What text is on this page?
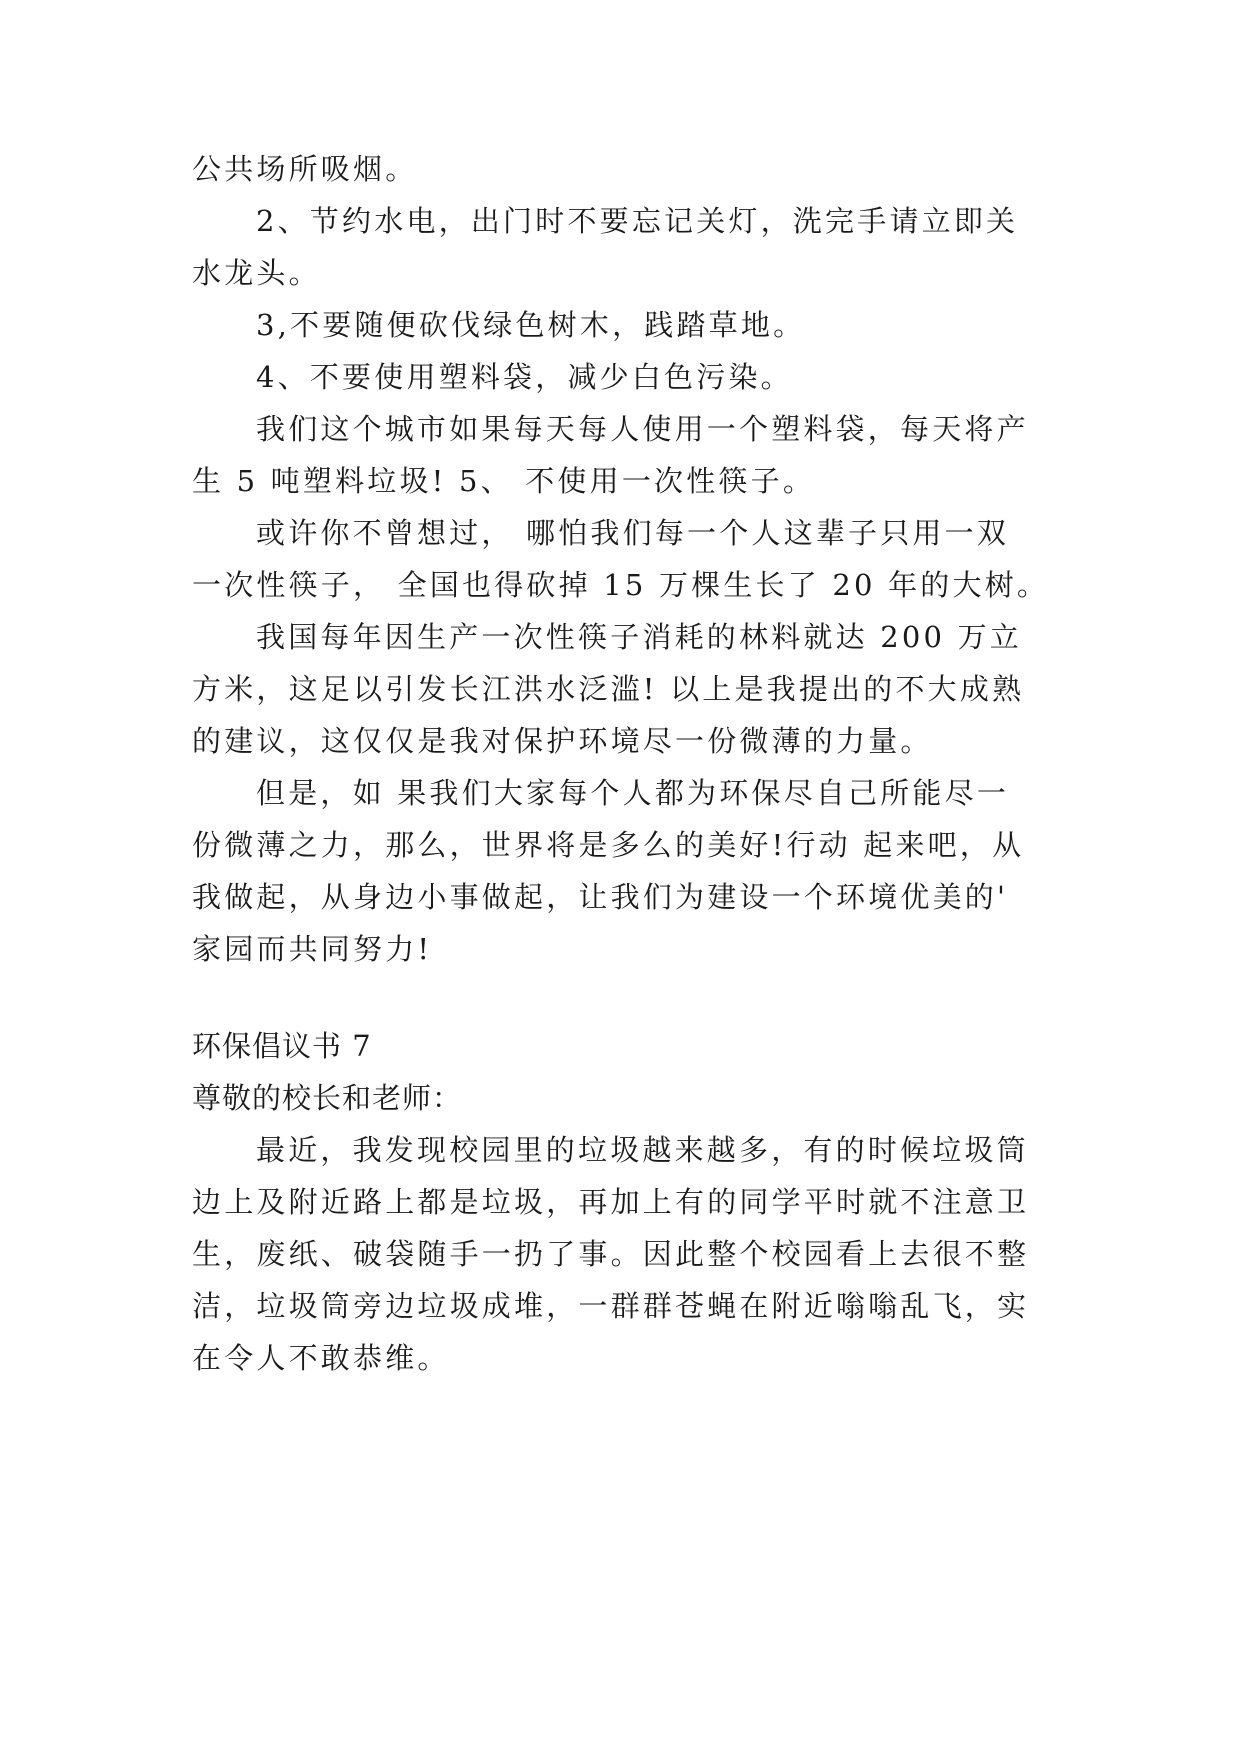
公共场所吸烟。
2、节约水电，出门时不要忘记关灯，洗完手请立即关
水龙头。
3,不要随便砍伐绿色树木，践踏草地。
4、不要使用塑料袋，减少白色污染。
我们这个城市如果每天每人使用一个塑料袋，每天将产
生 5 吨塑料垃圾! 5、 不使用一次性筷子。
或许你不曾想过， 哪怕我们每一个人这辈子只用一双
一次性筷子， 全国也得砍掉 15 万棵生长了 20 年的大树。
我国每年因生产一次性筷子消耗的林料就达 200 万立
方米，这足以引发长江洪水泛滥! 以上是我提出的不大成熟
的建议，这仅仅是我对保护环境尽一份微薄的力量。
但是，如 果我们大家每个人都为环保尽自己所能尽一
份微薄之力，那么，世界将是多么的美好!行动 起来吧，从
我做起，从身边小事做起，让我们为建设一个环境优美的'
家园而共同努力!
环保倡议书 7
尊敬的校长和老师：
最近，我发现校园里的垃圾越来越多，有的时候垃圾筒
边上及附近路上都是垃圾，再加上有的同学平时就不注意卫
生，废纸、破袋随手一扔了事。因此整个校园看上去很不整
洁，垃圾筒旁边垃圾成堆，一群群苍蝇在附近嗡嗡乱飞，实
在令人不敢恭维。
